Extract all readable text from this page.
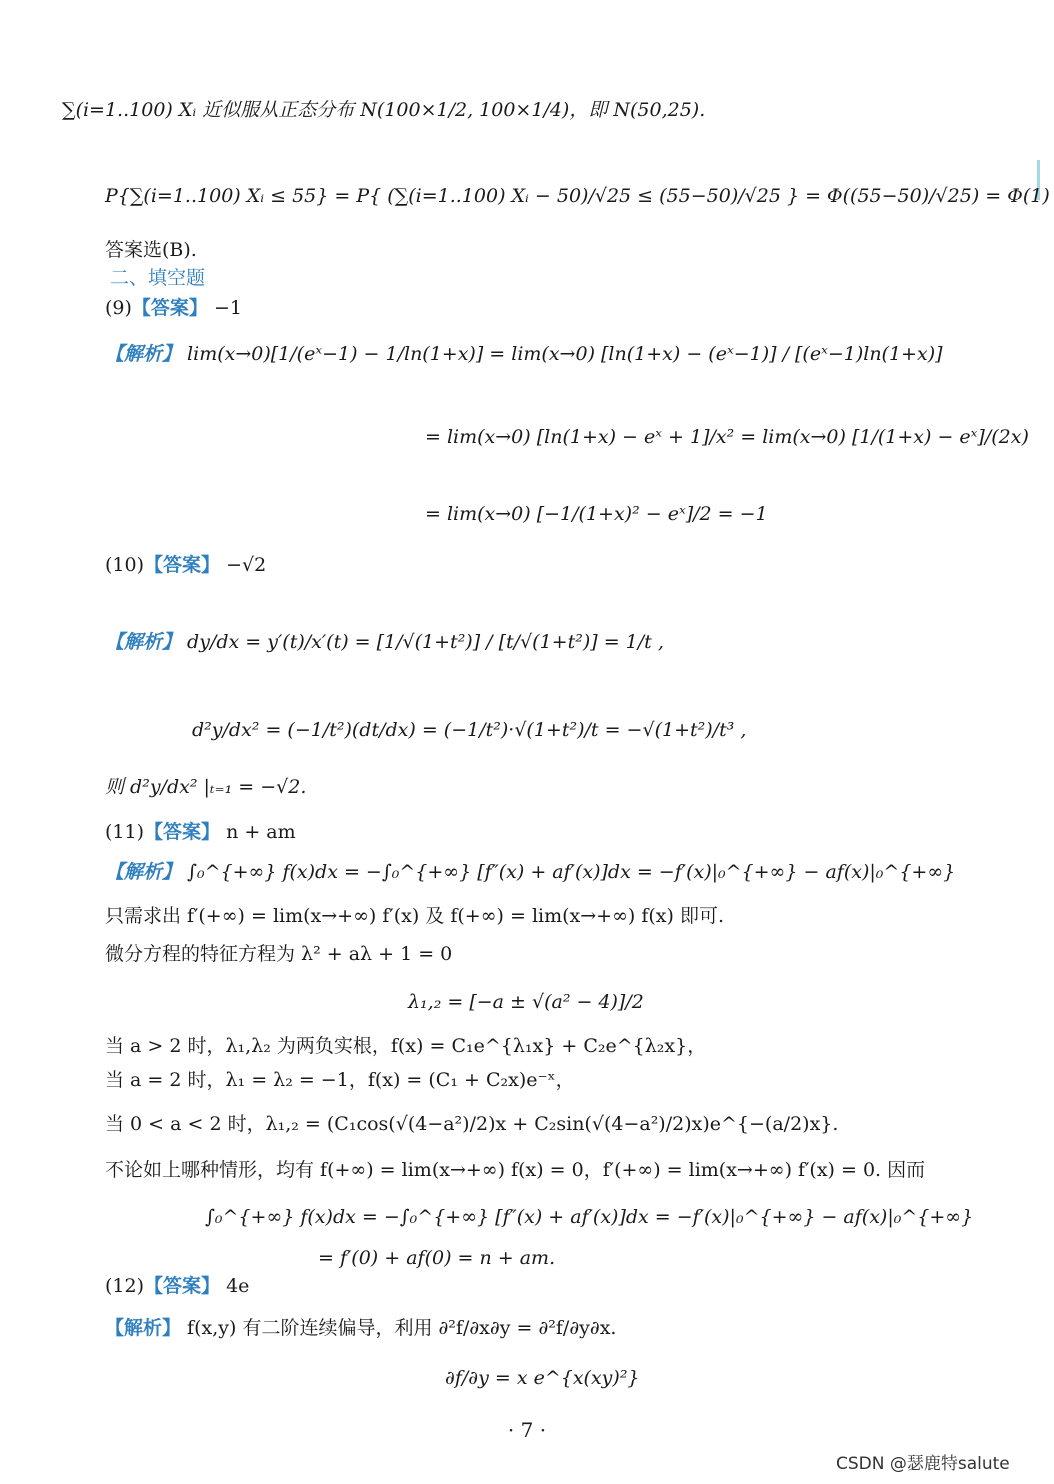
∑(i=1..100) Xᵢ 近似服从正态分布 N(100×1/2, 100×1/4)，即 N(50,25).
P{∑(i=1..100) Xᵢ ≤ 55} = P{ (∑(i=1..100) Xᵢ − 50)/√25 ≤ (55−50)/√25 } = Φ((55−50)/√25) = Φ(1)
答案选(B).
二、填空题
(9)【答案】 −1
【解析】 lim(x→0)[1/(eˣ−1) − 1/ln(1+x)] = lim(x→0) [ln(1+x) − (eˣ−1)] / [(eˣ−1)ln(1+x)]
= lim(x→0) [ln(1+x) − eˣ + 1]/x² = lim(x→0) [1/(1+x) − eˣ]/(2x)
= lim(x→0) [−1/(1+x)² − eˣ]/2 = −1
(10)【答案】 −√2
【解析】 dy/dx = y′(t)/x′(t) = [1/√(1+t²)] / [t/√(1+t²)] = 1/t ,
d²y/dx² = (−1/t²)(dt/dx) = (−1/t²)·√(1+t²)/t = −√(1+t²)/t³ ,
则 d²y/dx² |ₜ₌₁ = −√2.
(11)【答案】 n + am
【解析】 ∫₀^{+∞} f(x)dx = −∫₀^{+∞} [f″(x) + af′(x)]dx = −f′(x)|₀^{+∞} − af(x)|₀^{+∞}
只需求出 f′(+∞) = lim(x→+∞) f′(x) 及 f(+∞) = lim(x→+∞) f(x) 即可.
微分方程的特征方程为 λ² + aλ + 1 = 0
λ₁,₂ = [−a ± √(a² − 4)]/2
当 a > 2 时，λ₁,λ₂ 为两负实根，f(x) = C₁e^{λ₁x} + C₂e^{λ₂x}，
当 a = 2 时，λ₁ = λ₂ = −1，f(x) = (C₁ + C₂x)e⁻ˣ，
当 0 < a < 2 时，λ₁,₂ = (C₁cos(√(4−a²)/2)x + C₂sin(√(4−a²)/2)x)e^{−(a/2)x}.
不论如上哪种情形，均有 f(+∞) = lim(x→+∞) f(x) = 0，f′(+∞) = lim(x→+∞) f′(x) = 0. 因而
∫₀^{+∞} f(x)dx = −∫₀^{+∞} [f″(x) + af′(x)]dx = −f′(x)|₀^{+∞} − af(x)|₀^{+∞}
= f′(0) + af(0) = n + am.
(12)【答案】 4e
【解析】 f(x,y) 有二阶连续偏导，利用 ∂²f/∂x∂y = ∂²f/∂y∂x.
∂f/∂y = x e^{x(xy)²}
· 7 ·
CSDN @瑟鹿特salute
